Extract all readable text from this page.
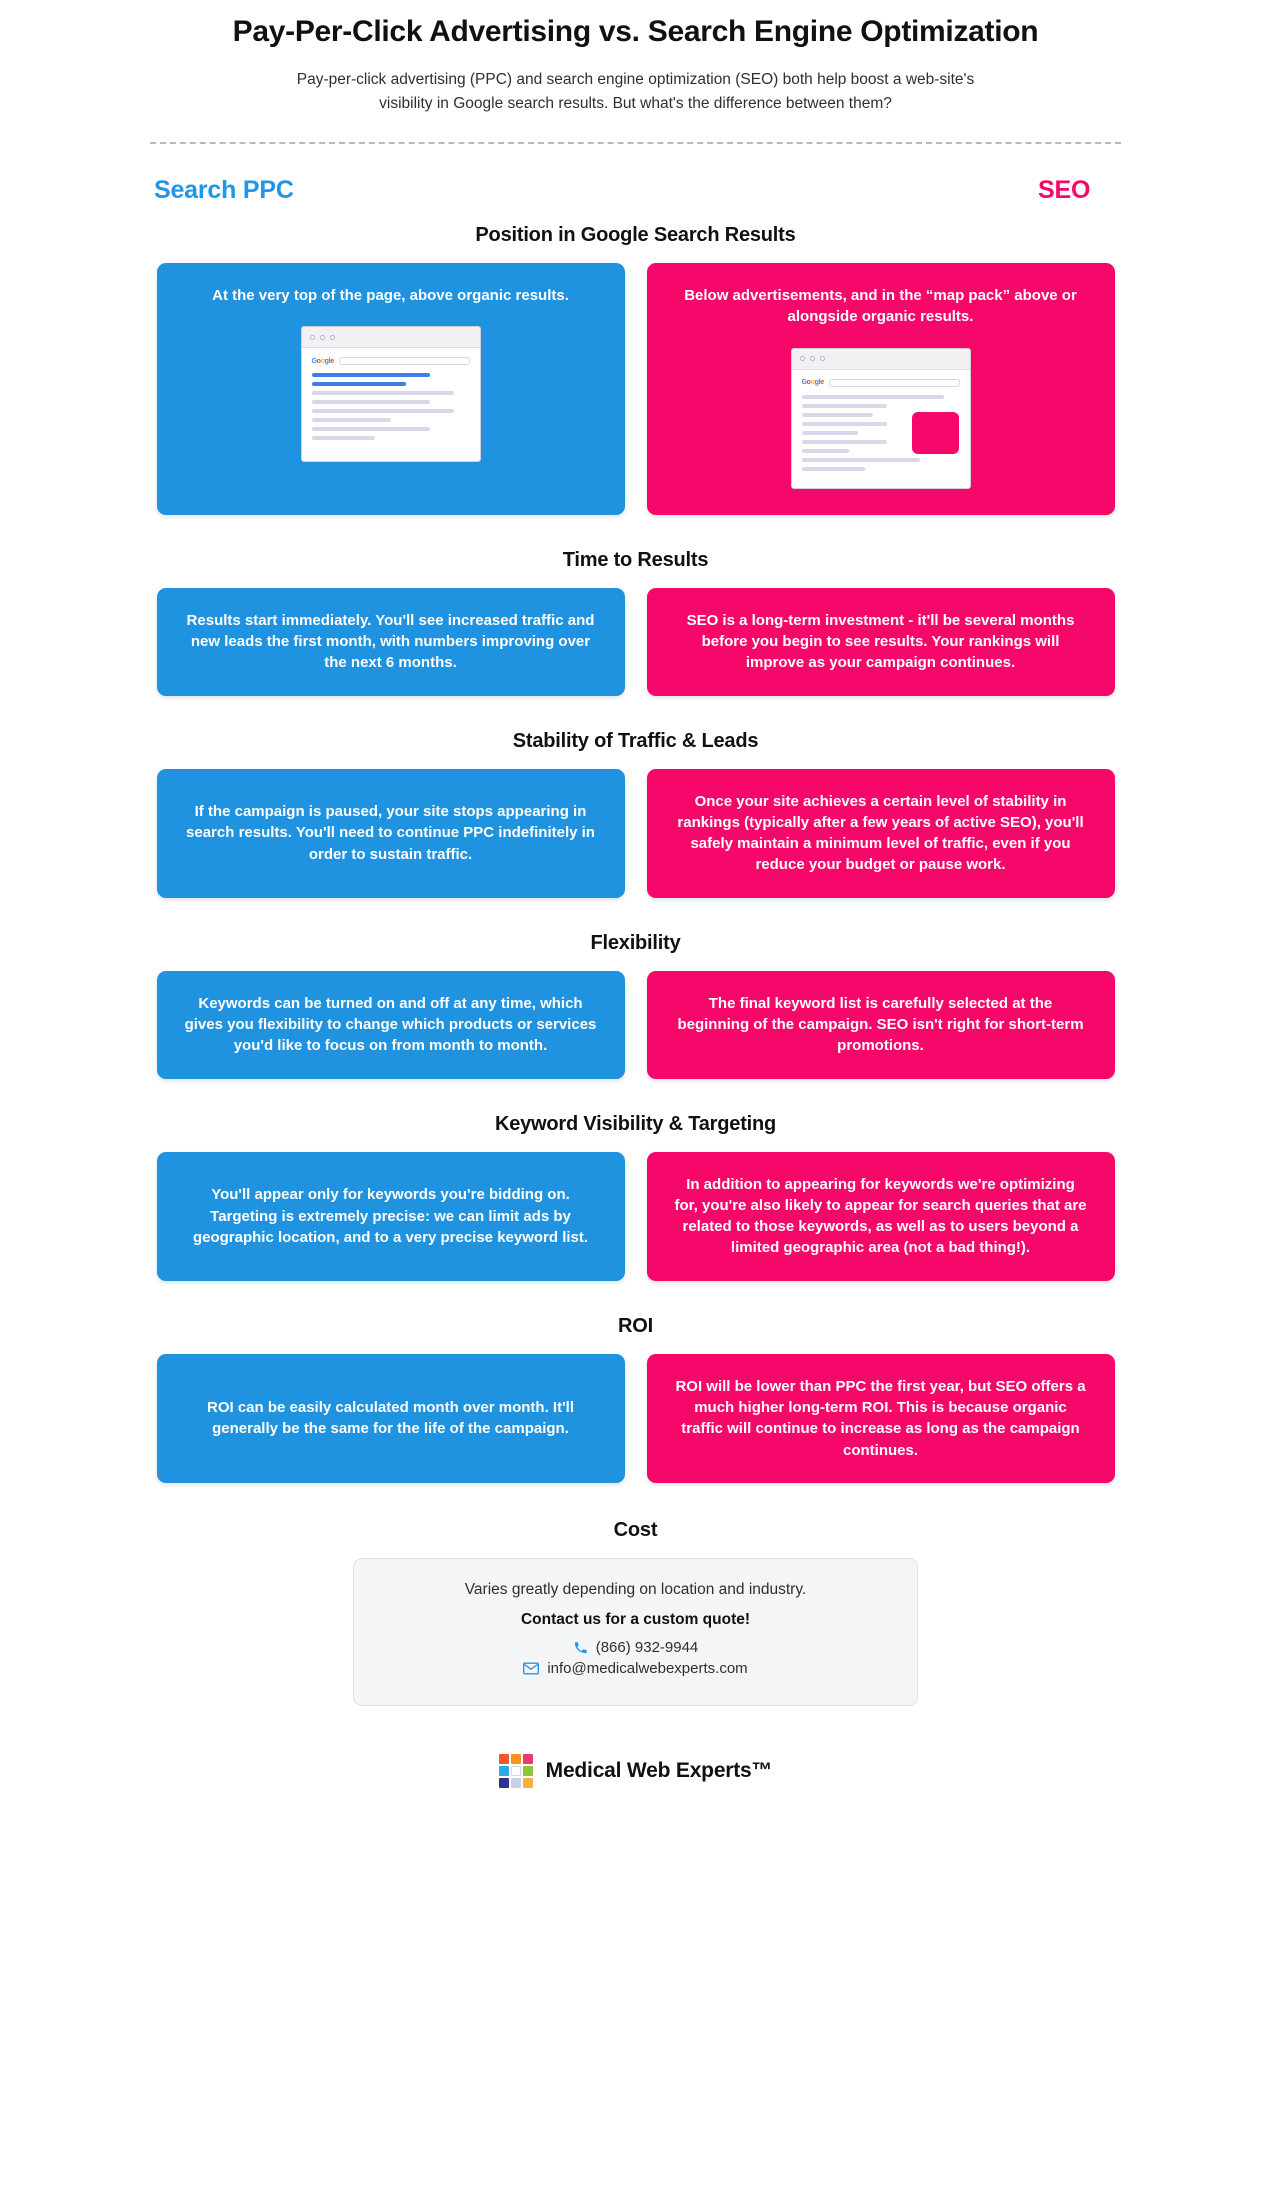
Pay-Per-Click Advertising vs. Search Engine Optimization

Pay-per-click advertising (PPC) and search engine optimization (SEO) both help boost a web-site's visibility in Google search results. But what's the difference between them?

Search PPC	SEO
Position in Google Search Results

At the very top of the page, above organic results.

Google

Below advertisements, and in the “map pack” above or alongside organic results.

Google
Time to Results

Results start immediately. You'll see increased traffic and new leads the first month, with numbers improving over the next 6 months.

SEO is a long-term investment - it'll be several months before you begin to see results. Your rankings will improve as your campaign continues.

Stability of Traffic & Leads

If the campaign is paused, your site stops appearing in search results. You'll need to continue PPC indefinitely in order to sustain traffic.

Once your site achieves a certain level of stability in rankings (typically after a few years of active SEO), you'll safely maintain a minimum level of traffic, even if you reduce your budget or pause work.

Flexibility

Keywords can be turned on and off at any time, which gives you flexibility to change which products or services you'd like to focus on from month to month.

The final keyword list is carefully selected at the beginning of the campaign. SEO isn't right for short-term promotions.

Keyword Visibility & Targeting

You'll appear only for keywords you're bidding on. Targeting is extremely precise: we can limit ads by geographic location, and to a very precise keyword list.

In addition to appearing for keywords we're optimizing for, you're also likely to appear for search queries that are related to those keywords, as well as to users beyond a limited geographic area (not a bad thing!).

ROI

ROI can be easily calculated month over month. It'll generally be the same for the life of the campaign.

ROI will be lower than PPC the first year, but SEO offers a much higher long-term ROI. This is because organic traffic will continue to increase as long as the campaign continues.

Cost

Varies greatly depending on location and industry.

Contact us for a custom quote!

(866) 932-9944
info@medicalwebexperts.com
Medical Web Experts™
